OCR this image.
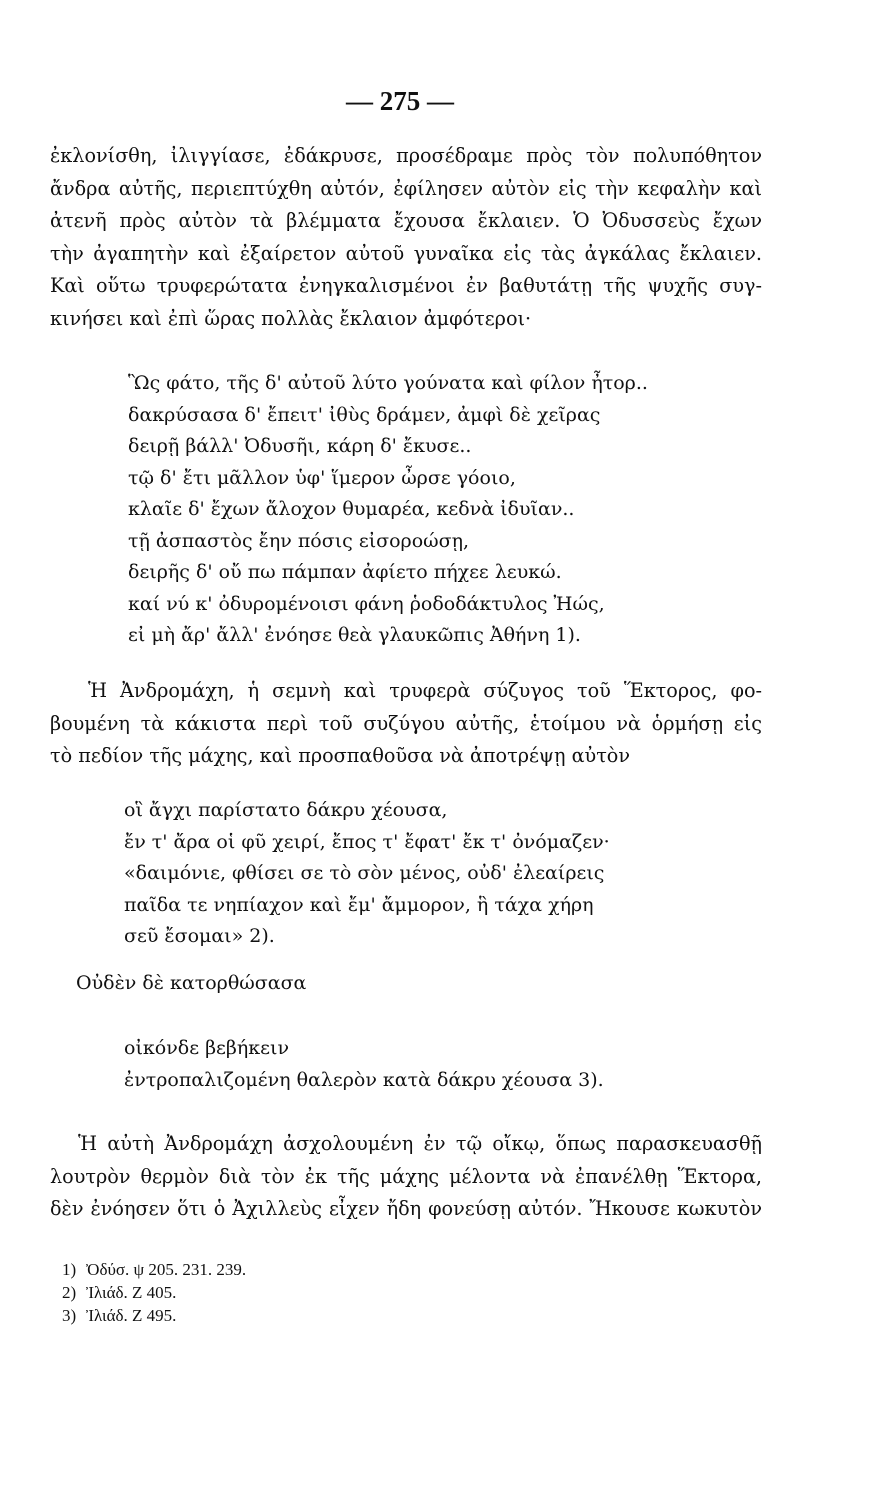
— 275 —
ἐκλονίσθη, ἰλιγγίασε, ἐδάκρυσε, προσέδραμε πρὸς τὸν πολυπόθητον
ἄνδρα αὐτῆς, περιεπτύχθη αὐτόν, ἐφίλησεν αὐτὸν εἰς τὴν κεφαλὴν καὶ
ἀτενῆ πρὸς αὐτὸν τὰ βλέμματα ἔχουσα ἔκλαιεν. Ὁ Ὀδυσσεὺς ἔχων
τὴν ἀγαπητὴν καὶ ἐξαίρετον αὐτοῦ γυναῖκα εἰς τὰς ἀγκάλας ἔκλαιεν.
Καὶ οὕτω τρυφερώτατα ἐνηγκαλισμένοι ἐν βαθυτάτῃ τῆς ψυχῆς συγ-
κινήσει καὶ ἐπὶ ὥρας πολλὰς ἔκλαιον ἀμφότεροι·
Ὣς φάτο, τῆς δ' αὐτοῦ λύτο γούνατα καὶ φίλον ἦτορ..
δακρύσασα δ' ἔπειτ' ἰθὺς δράμεν, ἀμφὶ δὲ χεῖρας
δειρῇ βάλλ' Ὀδυσῆι, κάρη δ' ἔκυσε..
τῷ δ' ἔτι μᾶλλον ὑφ' ἵμερον ὦρσε γόοιο,
κλαῖε δ' ἔχων ἄλοχον θυμαρέα, κεδνὰ ἰδυῖαν..
τῇ ἀσπαστὸς ἔην πόσις εἰσοροώσῃ,
δειρῆς δ' οὔ πω πάμπαν ἀφίετο πήχεε λευκώ.
καί νύ κ' ὀδυρομένοισι φάνη ῥοδοδάκτυλος Ἠώς,
εἰ μὴ ἄρ' ἄλλ' ἐνόησε θεὰ γλαυκῶπις Ἀθήνη 1).
Ἡ Ἀνδρομάχη, ἡ σεμνὴ καὶ τρυφερὰ σύζυγος τοῦ Ἕκτορος, φο-
βουμένη τὰ κάκιστα περὶ τοῦ συζύγου αὐτῆς, ἑτοίμου νὰ ὁρμήσῃ εἰς
τὸ πεδίον τῆς μάχης, καὶ προσπαθοῦσα νὰ ἀποτρέψῃ αὐτὸν
οἳ ἄγχι παρίστατο δάκρυ χέουσα,
ἔν τ' ἄρα οἱ φῦ χειρί, ἔπος τ' ἔφατ' ἔκ τ' ὀνόμαζεν·
«δαιμόνιε, φθίσει σε τὸ σὸν μένος, οὐδ' ἐλεαίρεις
παῖδα τε νηπίαχον καὶ ἔμ' ἄμμορον, ἣ τάχα χήρη
σεῦ ἔσομαι» 2).
Οὐδὲν δὲ κατορθώσασα
οἰκόνδε βεβήκειν
ἐντροπαλιζομένη θαλερὸν κατὰ δάκρυ χέουσα 3).
Ἡ αὐτὴ Ἀνδρομάχη ἀσχολουμένη ἐν τῷ οἴκῳ, ὅπως παρασκευασθῇ
λουτρὸν θερμὸν διὰ τὸν ἐκ τῆς μάχης μέλοντα νὰ ἐπανέλθῃ Ἕκτορα,
δὲν ἐνόησεν ὅτι ὁ Ἀχιλλεὺς εἶχεν ἤδη φονεύσῃ αὐτόν. Ἤκουσε κωκυτὸν
1) Ὀδύσ. ψ 205. 231. 239.
2) Ἰλιάδ. Ζ 405.
3) Ἰλιάδ. Ζ 495.
